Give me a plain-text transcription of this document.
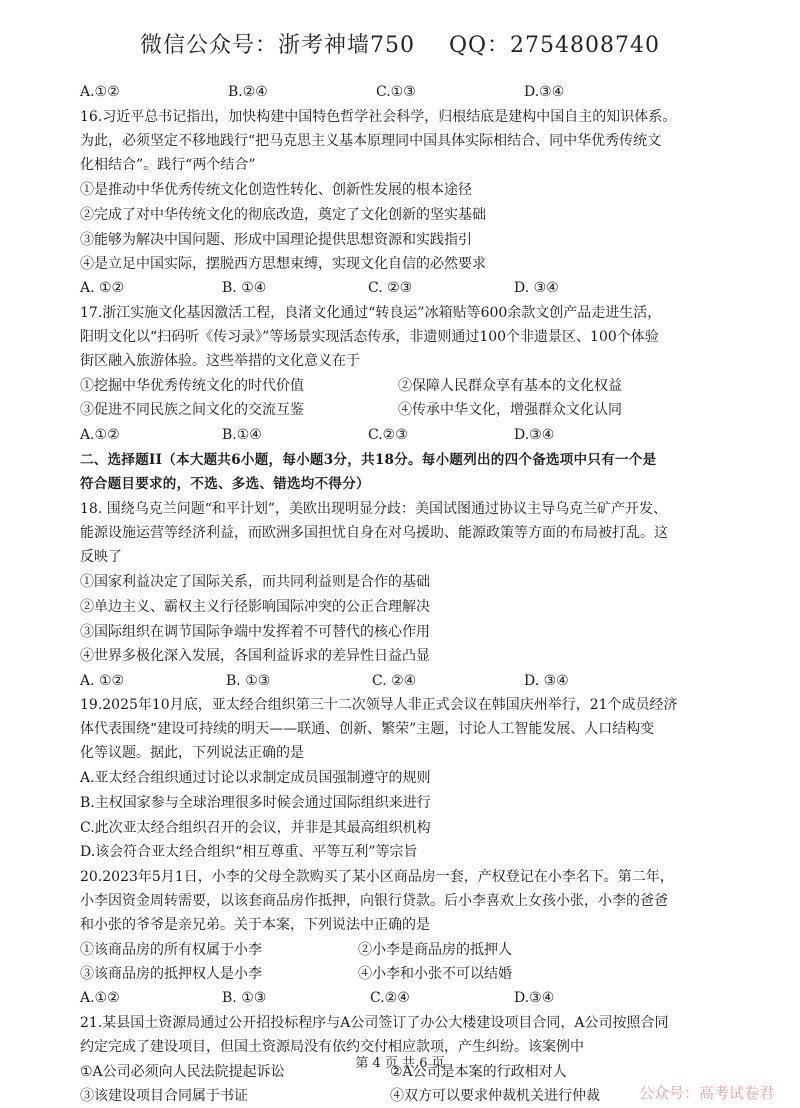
微信公众号：浙考神墙750 QQ：2754808740
A.①②	B.②④	C.①③	D.③④
16.习近平总书记指出，加快构建中国特色哲学社会科学，归根结底是建构中国自主的知识体系。
为此，必须坚定不移地践行“把马克思主义基本原理同中国具体实际相结合、同中华优秀传统文
化相结合”。践行“两个结合”
①是推动中华优秀传统文化创造性转化、创新性发展的根本途径
②完成了对中华传统文化的彻底改造，奠定了文化创新的坚实基础
③能够为解决中国问题、形成中国理论提供思想资源和实践指引
④是立足中国实际，摆脱西方思想束缚，实现文化自信的必然要求
A. ①②	B. ①④	C. ②③	D. ③④
17.浙江实施文化基因激活工程，良渚文化通过“转良运”冰箱贴等600余款文创产品走进生活，
阳明文化以“扫码听《传习录》”等场景实现活态传承，非遗则通过100个非遗景区、100个体验
街区融入旅游体验。这些举措的文化意义在于
①挖掘中华优秀传统文化的时代价值	②保障人民群众享有基本的文化权益
③促进不同民族之间文化的交流互鉴	④传承中华文化，增强群众文化认同
A.①②	B.①④	C.②③	D.③④
二、选择题II（本大题共6小题，每小题3分，共18分。每小题列出的四个备选项中只有一个是
符合题目要求的，不选、多选、错选均不得分）
18. 围绕乌克兰问题“和平计划”，美欧出现明显分歧：美国试图通过协议主导乌克兰矿产开发、
能源设施运营等经济利益，而欧洲多国担忧自身在对乌援助、能源政策等方面的布局被打乱。这
反映了
①国家利益决定了国际关系，而共同利益则是合作的基础
②单边主义、霸权主义行径影响国际冲突的公正合理解决
③国际组织在调节国际争端中发挥着不可替代的核心作用
④世界多极化深入发展，各国利益诉求的差异性日益凸显
A. ①②	B. ①③	C. ②④	D. ③④
19.2025年10月底，亚太经合组织第三十二次领导人非正式会议在韩国庆州举行，21个成员经济
体代表围绕“建设可持续的明天——联通、创新、繁荣”主题，讨论人工智能发展、人口结构变
化等议题。据此，下列说法正确的是
A.亚太经合组织通过讨论以求制定成员国强制遵守的规则
B.主权国家参与全球治理很多时候会通过国际组织来进行
C.此次亚太经合组织召开的会议，并非是其最高组织机构
D.该会符合亚太经合组织“相互尊重、平等互利”等宗旨
20.2023年5月1日，小李的父母全款购买了某小区商品房一套，产权登记在小李名下。第二年，
小李因资金周转需要，以该套商品房作抵押，向银行贷款。后小李喜欢上女孩小张，小李的爸爸
和小张的爷爷是亲兄弟。关于本案，下列说法中正确的是
①该商品房的所有权属于小李	②小李是商品房的抵押人
③该商品房的抵押权人是小李	④小李和小张不可以结婚
A.①②	B. ①③	C.②④	D.③④
21.某县国土资源局通过公开招投标程序与A公司签订了办公大楼建设项目合同，A公司按照合同
约定完成了建设项目，但国土资源局没有依约交付相应款项，产生纠纷。该案例中
①A公司必须向人民法院提起诉讼	②A公司是本案的行政相对人
③该建设项目合同属于书证	④双方可以要求仲裁机关进行仲裁
第 4 页 共 6 页
公众号：高考试卷君
